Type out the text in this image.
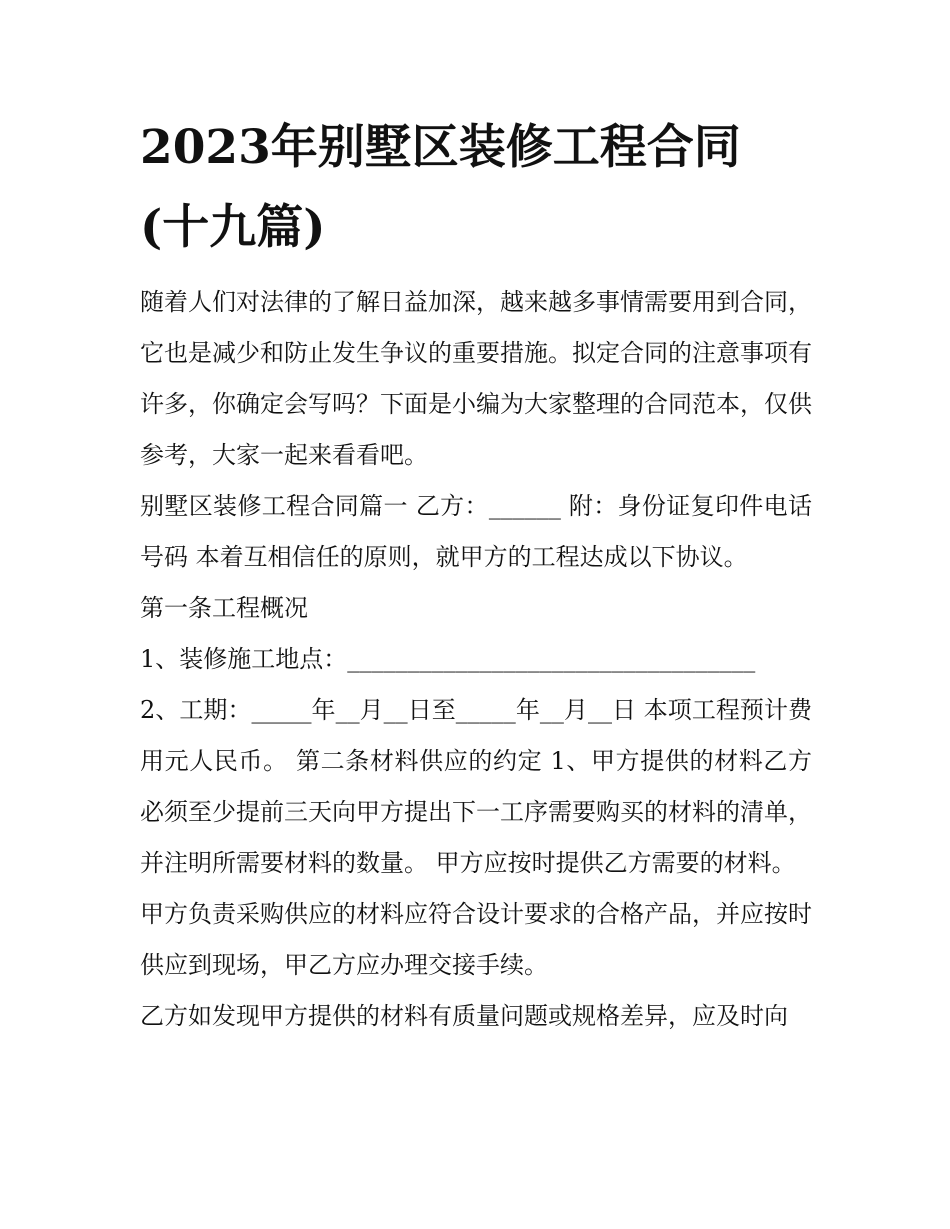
2023年别墅区装修工程合同
(十九篇)

随着人们对法律的了解日益加深，越来越多事情需要用到合同，它也是减少和防止发生争议的重要措施。拟定合同的注意事项有许多，你确定会写吗？下面是小编为大家整理的合同范本，仅供参考，大家一起来看看吧。

别墅区装修工程合同篇一 乙方：______ 附：身份证复印件电话号码 本着互相信任的原则，就甲方的工程达成以下协议。

第一条工程概况

1、装修施工地点：__________________________________

2、工期：_____年__月__日至_____年__月__日 本项工程预计费用元人民币。 第二条材料供应的约定 1、甲方提供的材料乙方必须至少提前三天向甲方提出下一工序需要购买的材料的清单，并注明所需要材料的数量。 甲方应按时提供乙方需要的材料。

甲方负责采购供应的材料应符合设计要求的合格产品，并应按时供应到现场，甲乙方应办理交接手续。

乙方如发现甲方提供的材料有质量问题或规格差异，应及时向
